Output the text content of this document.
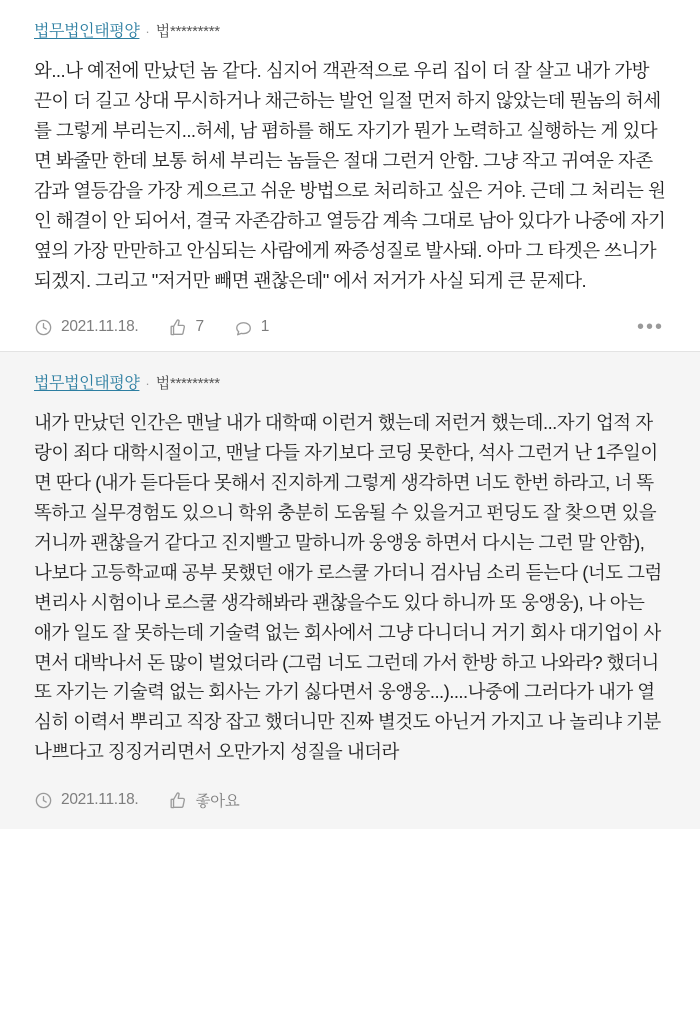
법무법인태평양 · 법*********

와...나 예전에 만났던 놈 같다. 심지어 객관적으로 우리 집이 더 잘 살고 내가 가방끈이 더 길고 상대 무시하거나 채근하는 발언 일절 먼저 하지 않았는데 뭔놈의 허세를 그렇게 부리는지...허세, 남 폄하를 해도 자기가 뭔가 노력하고 실행하는 게 있다면 봐줄만 한데 보통 허세 부리는 놈들은 절대 그런거 안함. 그냥 작고 귀여운 자존감과 열등감을 가장 게으르고 쉬운 방법으로 처리하고 싶은 거야. 근데 그 처리는 원인 해결이 안 되어서, 결국 자존감하고 열등감 계속 그대로 남아 있다가 나중에 자기 옆의 가장 만만하고 안심되는 사람에게 짜증성질로 발사돼. 아마 그 타겟은 쓰니가 되겠지. 그리고 "저거만 빼면 괜찮은데" 에서 저거가 사실 되게 큰 문제다.

2021.11.18.	7	1	•••
법무법인태평양 · 법*********

내가 만났던 인간은 맨날 내가 대학때 이런거 했는데 저런거 했는데...자기 업적 자랑이 죄다 대학시절이고, 맨날 다들 자기보다 코딩 못한다, 석사 그런거 난 1주일이면 딴다 (내가 듣다듣다 못해서 진지하게 그렇게 생각하면 너도 한번 하라고, 너 똑똑하고 실무경험도 있으니 학위 충분히 도움될 수 있을거고 펀딩도 잘 찾으면 있을거니까 괜찮을거 같다고 진지빨고 말하니까 웅앵웅 하면서 다시는 그런 말 안함), 나보다 고등학교때 공부 못했던 애가 로스쿨 가더니 검사님 소리 듣는다 (너도 그럼 변리사 시험이나 로스쿨 생각해봐라 괜찮을수도 있다 하니까 또 웅앵웅), 나 아는 애가 일도 잘 못하는데 기술력 없는 회사에서 그냥 다니더니 거기 회사 대기업이 사면서 대박나서 돈 많이 벌었더라 (그럼 너도 그런데 가서 한방 하고 나와라? 했더니 또 자기는 기술력 없는 회사는 가기 싫다면서 웅앵웅...)....나중에 그러다가 내가 열심히 이력서 뿌리고 직장 잡고 했더니만 진짜 별것도 아닌거 가지고 나 놀리냐 기분나쁘다고 징징거리면서 오만가지 성질을 내더라

2021.11.18.	좋아요
